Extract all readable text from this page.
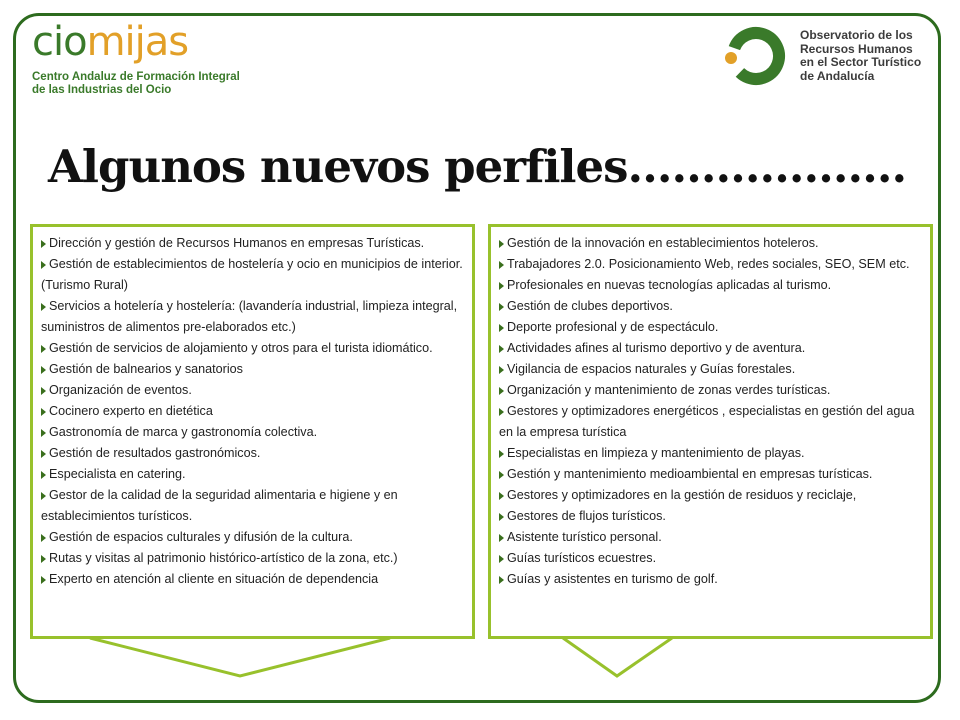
ciomijas
Centro Andaluz de Formación Integral
de las Industrias del Ocio
Observatorio de los
Recursos Humanos
en el Sector Turístico
de Andalucía
Algunos nuevos perfiles……………….
Dirección y gestión de Recursos Humanos en empresas Turísticas.
Gestión de establecimientos de hostelería y ocio en municipios de interior. (Turismo Rural)
Servicios a hotelería y hostelería: (lavandería industrial, limpieza integral, suministros de alimentos pre-elaborados etc.)
Gestión de servicios de alojamiento y otros para el turista idiomático.
Gestión de balnearios y sanatorios
Organización de eventos.
Cocinero experto en dietética
Gastronomía de marca y gastronomía colectiva.
Gestión de resultados gastronómicos.
Especialista en catering.
Gestor de la calidad de la seguridad alimentaria e higiene y en establecimientos turísticos.
Gestión de espacios culturales y difusión de la cultura.
Rutas y visitas al patrimonio histórico-artístico de la zona, etc.)
Experto en atención al cliente en situación de dependencia
Gestión de la innovación en establecimientos hoteleros.
Trabajadores 2.0. Posicionamiento Web, redes sociales, SEO, SEM etc.
Profesionales en nuevas tecnologías aplicadas al turismo.
Gestión de clubes deportivos.
Deporte profesional y de espectáculo.
Actividades afines al turismo deportivo y de aventura.
Vigilancia de espacios naturales y Guías forestales.
Organización y mantenimiento de zonas verdes turísticas.
Gestores y optimizadores energéticos , especialistas en gestión del agua en la empresa turística
Especialistas en limpieza y mantenimiento de playas.
Gestión y mantenimiento medioambiental en empresas turísticas.
Gestores y optimizadores en la gestión de residuos y reciclaje,
Gestores de flujos turísticos.
Asistente turístico personal.
Guías turísticos ecuestres.
Guías y asistentes en turismo de golf.
